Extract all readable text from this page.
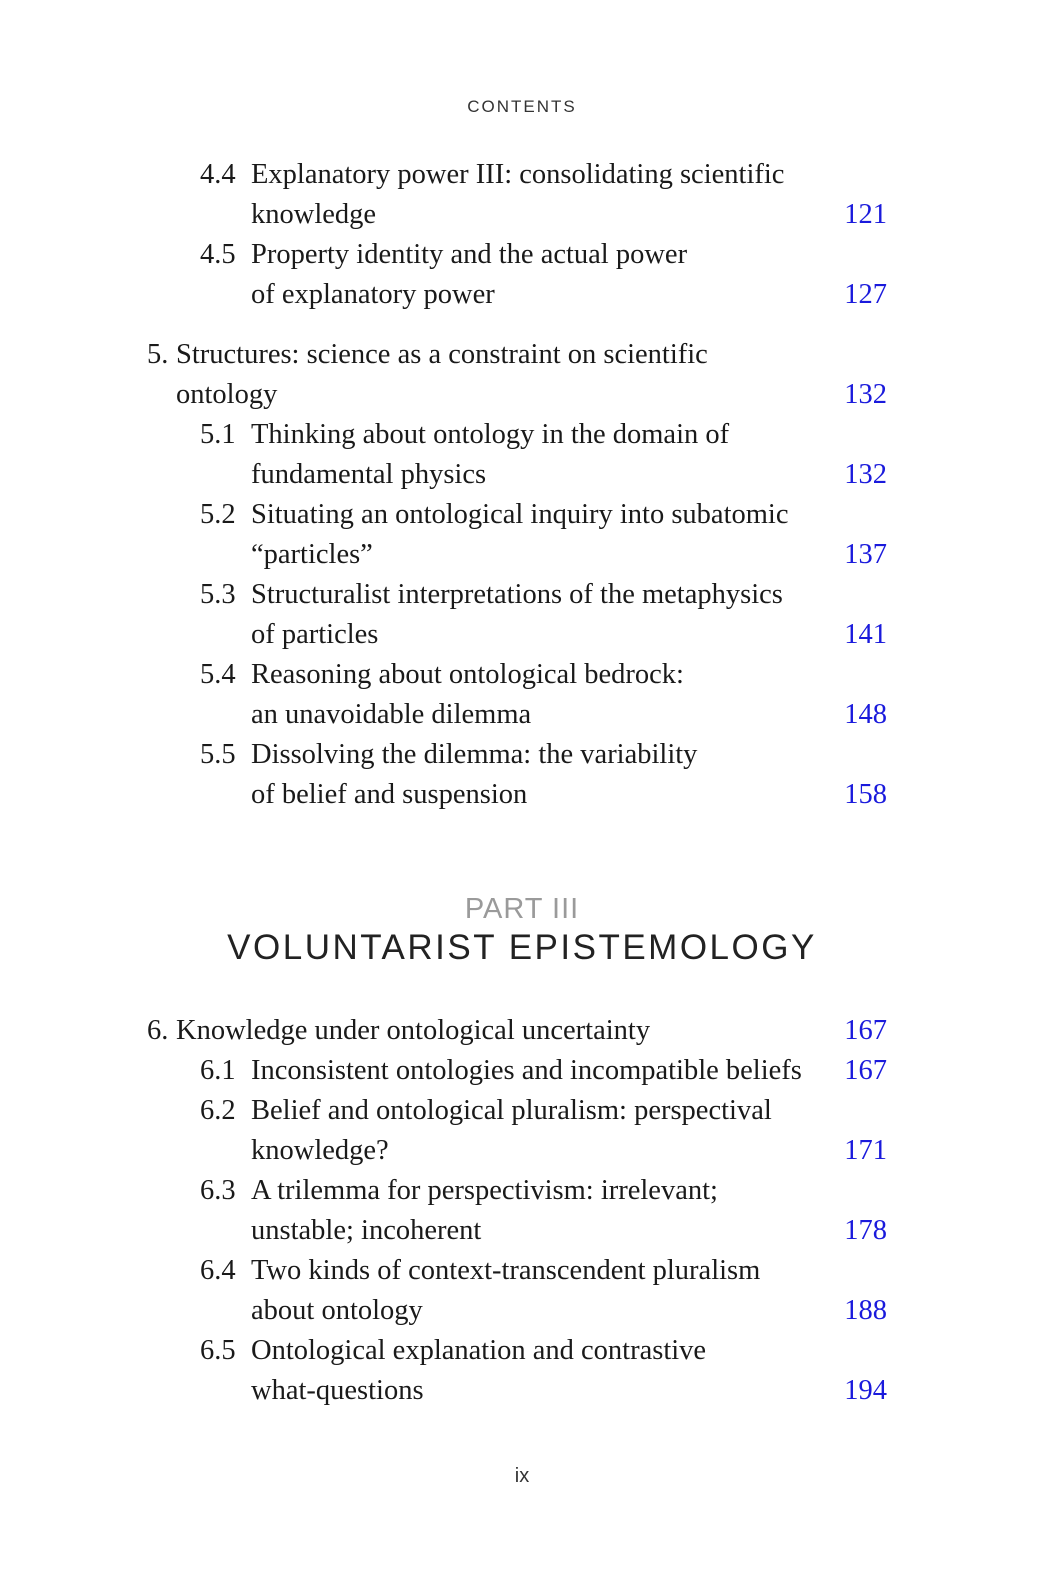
CONTENTS
4.4 Explanatory power III: consolidating scientific
knowledge	121
4.5 Property identity and the actual power
of explanatory power	127
5. Structures: science as a constraint on scientific
ontology	132
5.1 Thinking about ontology in the domain of
fundamental physics	132
5.2 Situating an ontological inquiry into subatomic
“particles”	137
5.3 Structuralist interpretations of the metaphysics
of particles	141
5.4 Reasoning about ontological bedrock:
an unavoidable dilemma	148
5.5 Dissolving the dilemma: the variability
of belief and suspension	158
PART III
VOLUNTARIST EPISTEMOLOGY
6. Knowledge under ontological uncertainty	167
6.1 Inconsistent ontologies and incompatible beliefs 167
6.2 Belief and ontological pluralism: perspectival
knowledge?	171
6.3 A trilemma for perspectivism: irrelevant;
unstable; incoherent	178
6.4 Two kinds of context-transcendent pluralism
about ontology	188
6.5 Ontological explanation and contrastive
what-questions	194
ix
